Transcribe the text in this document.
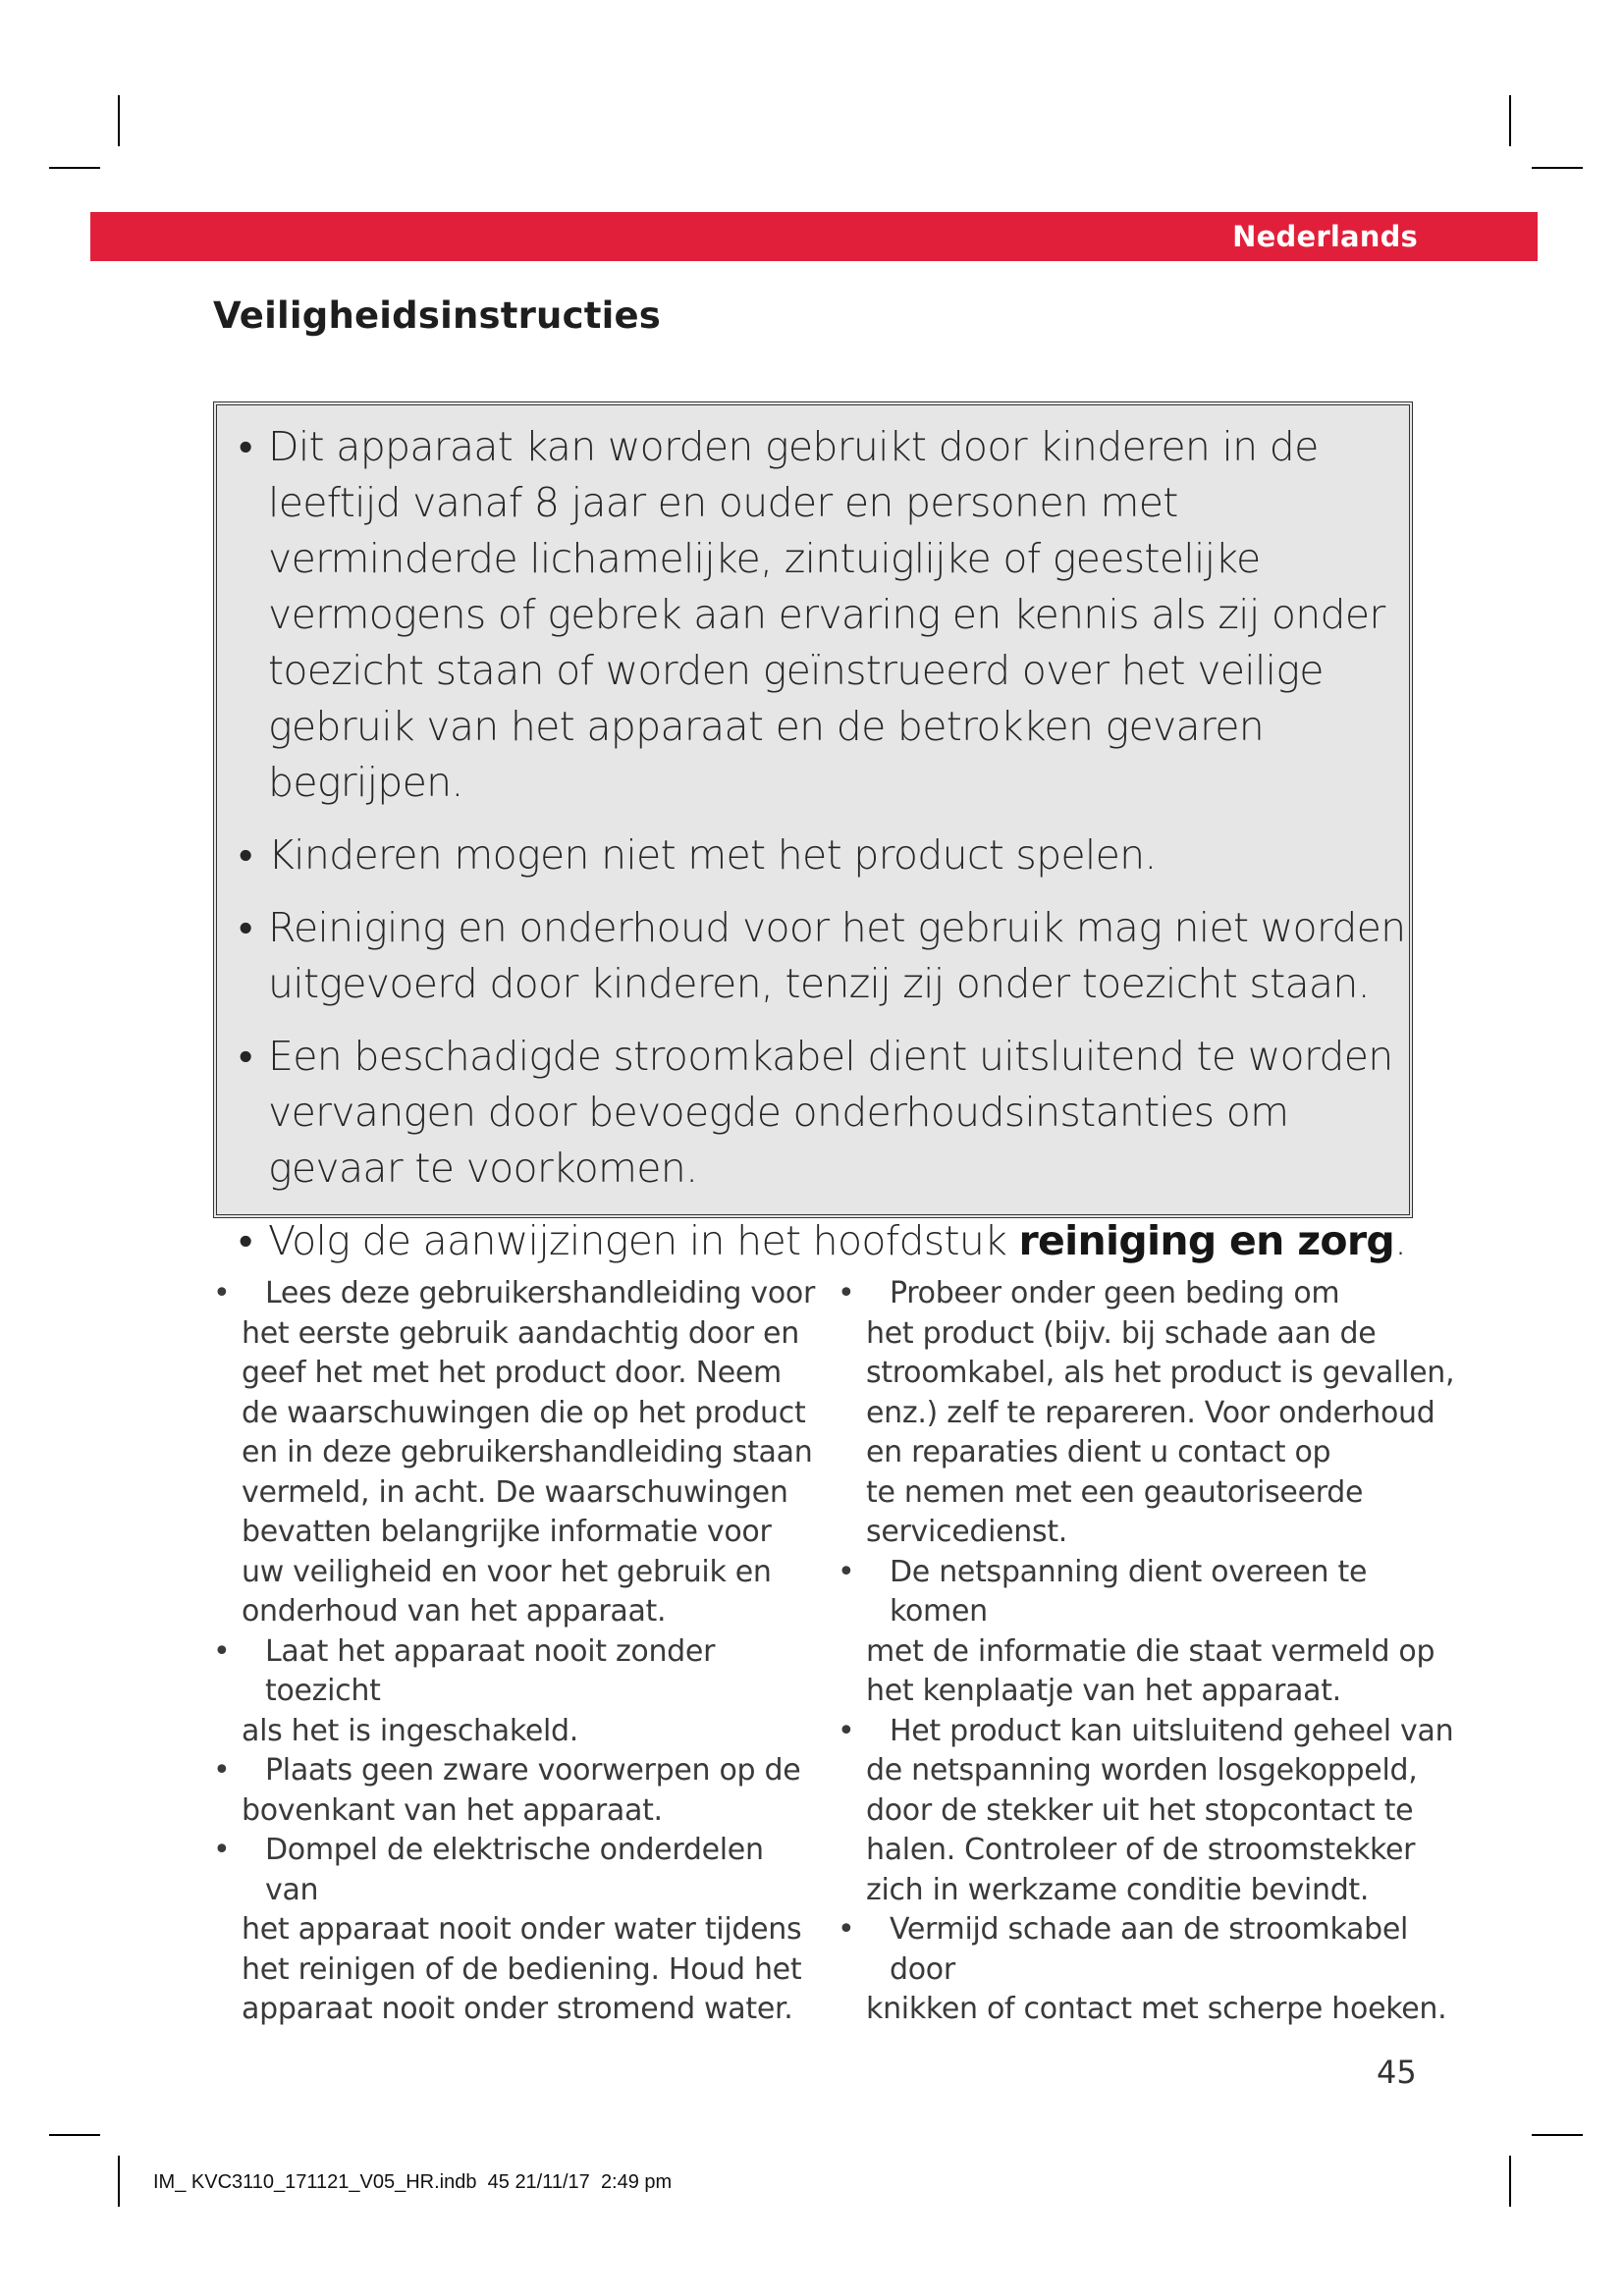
Nederlands
Veiligheidsinstructies
• Dit apparaat kan worden gebruikt door kinderen in de leeftijd vanaf 8 jaar en ouder en personen met verminderde lichamelijke, zintuiglijke of geestelijke vermogens of gebrek aan ervaring en kennis als zij onder toezicht staan of worden geïnstrueerd over het veilige gebruik van het apparaat en de betrokken gevaren begrijpen.
• Kinderen mogen niet met het product spelen.
• Reiniging en onderhoud voor het gebruik mag niet worden uitgevoerd door kinderen, tenzij zij onder toezicht staan.
• Een beschadigde stroomkabel dient uitsluitend te worden vervangen door bevoegde onderhoudsinstanties om gevaar te voorkomen.
• Volg de aanwijzingen in het hoofdstuk reiniging en zorg.
•	Lees deze gebruikershandleiding voor
het eerste gebruik aandachtig door en
geef het met het product door. Neem
de waarschuwingen die op het product
en in deze gebruikershandleiding staan
vermeld, in acht. De waarschuwingen
bevatten belangrijke informatie voor
uw veiligheid en voor het gebruik en
onderhoud van het apparaat.
•	Laat het apparaat nooit zonder toezicht
als het is ingeschakeld.
•	Plaats geen zware voorwerpen op de
bovenkant van het apparaat.
•	Dompel de elektrische onderdelen van
het apparaat nooit onder water tijdens
het reinigen of de bediening. Houd het
apparaat nooit onder stromend water.
•	Probeer onder geen beding om
het product (bijv. bij schade aan de
stroomkabel, als het product is gevallen,
enz.) zelf te repareren. Voor onderhoud
en reparaties dient u contact op
te nemen met een geautoriseerde
servicedienst.
•	De netspanning dient overeen te komen
met de informatie die staat vermeld op
het kenplaatje van het apparaat.
•	Het product kan uitsluitend geheel van
de netspanning worden losgekoppeld,
door de stekker uit het stopcontact te
halen. Controleer of de stroomstekker
zich in werkzame conditie bevindt.
•	Vermijd schade aan de stroomkabel door
knikken of contact met scherpe hoeken.
45
IM_ KVC3110_171121_V05_HR.indb 45 21/11/17 2:49 pm
